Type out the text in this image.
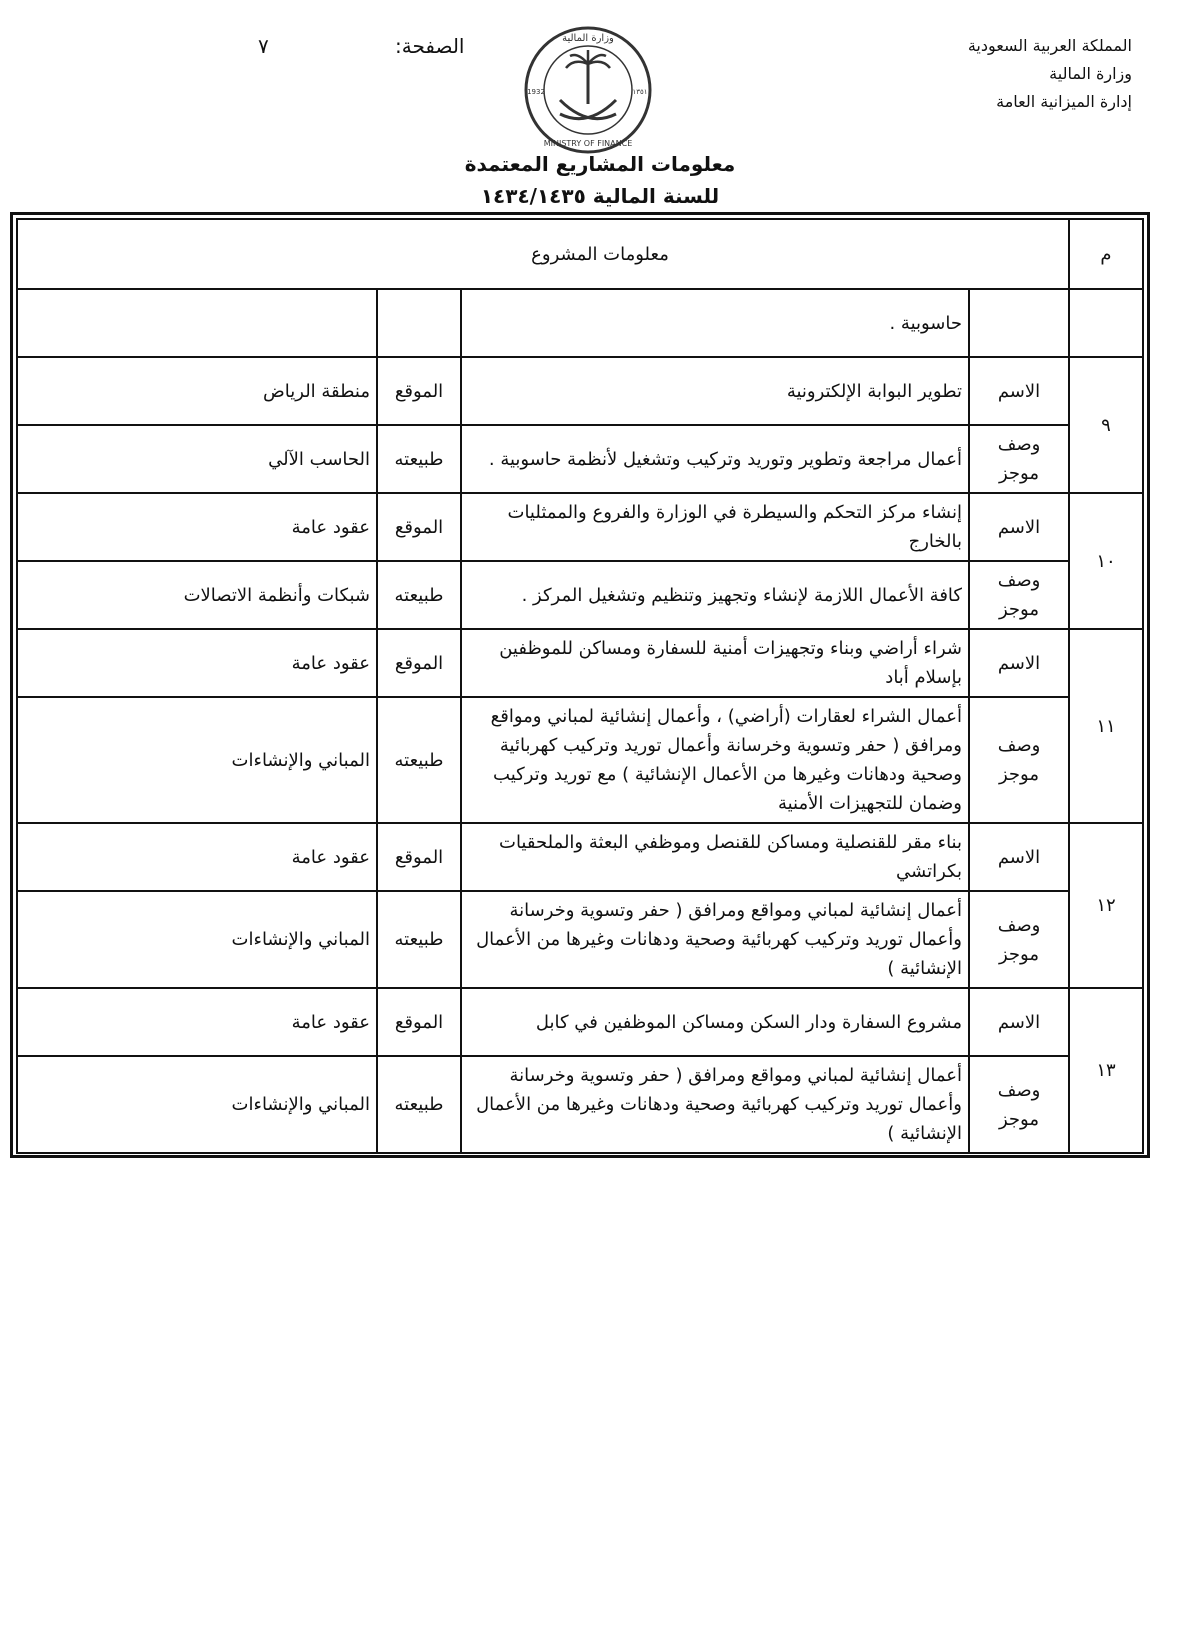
المملكة العربية السعودية
وزارة المالية
إدارة الميزانية العامة
الصفحة:
٧
MINISTRY OF FINANCE
وزارة المالية
1932	١٣٥١
معلومات المشاريع المعتمدة
للسنة المالية ١٤٣٤/١٤٣٥
م	معلومات المشروع			
		حاسوبية .		
٩	الاسم	تطوير البوابة الإلكترونية	الموقع	منطقة الرياض
	وصف موجز	أعمال مراجعة وتطوير وتوريد وتركيب وتشغيل لأنظمة حاسوبية .	طبيعته	الحاسب الآلي
١٠	الاسم	إنشاء مركز التحكم والسيطرة في الوزارة والفروع والممثليات بالخارج	الموقع	عقود عامة
	وصف موجز	كافة الأعمال اللازمة لإنشاء وتجهيز وتنظيم وتشغيل المركز .	طبيعته	شبكات وأنظمة الاتصالات
١١	الاسم	شراء أراضي وبناء وتجهيزات أمنية للسفارة ومساكن للموظفين بإسلام أباد	الموقع	عقود عامة
	وصف موجز	أعمال الشراء لعقارات (أراضي) ، وأعمال إنشائية لمباني ومواقع ومرافق ( حفر وتسوية وخرسانة وأعمال توريد وتركيب كهربائية وصحية ودهانات وغيرها من الأعمال الإنشائية ) مع توريد وتركيب وضمان للتجهيزات الأمنية	طبيعته	المباني والإنشاءات
١٢	الاسم	بناء مقر للقنصلية ومساكن للقنصل وموظفي البعثة والملحقيات بكراتشي	الموقع	عقود عامة
	وصف موجز	أعمال إنشائية لمباني ومواقع ومرافق ( حفر وتسوية وخرسانة وأعمال توريد وتركيب كهربائية وصحية ودهانات وغيرها من الأعمال الإنشائية )	طبيعته	المباني والإنشاءات
١٣	الاسم	مشروع السفارة ودار السكن ومساكن الموظفين في كابل	الموقع	عقود عامة
	وصف موجز	أعمال إنشائية لمباني ومواقع ومرافق ( حفر وتسوية وخرسانة وأعمال توريد وتركيب كهربائية وصحية ودهانات وغيرها من الأعمال الإنشائية )	طبيعته	المباني والإنشاءات
